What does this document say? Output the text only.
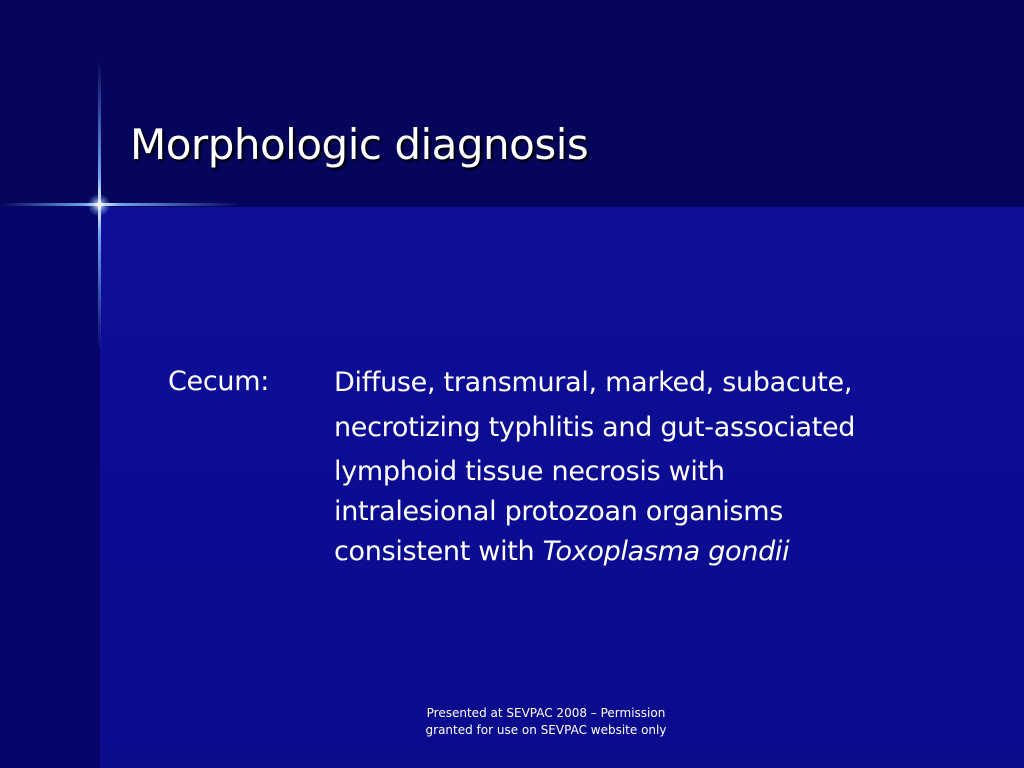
Morphologic diagnosis
Cecum: Diffuse, transmural, marked, subacute,
necrotizing typhlitis and gut-associated
lymphoid tissue necrosis with
intralesional protozoan organisms
consistent with Toxoplasma gondii
Presented at SEVPAC 2008 – Permission
granted for use on SEVPAC website only
